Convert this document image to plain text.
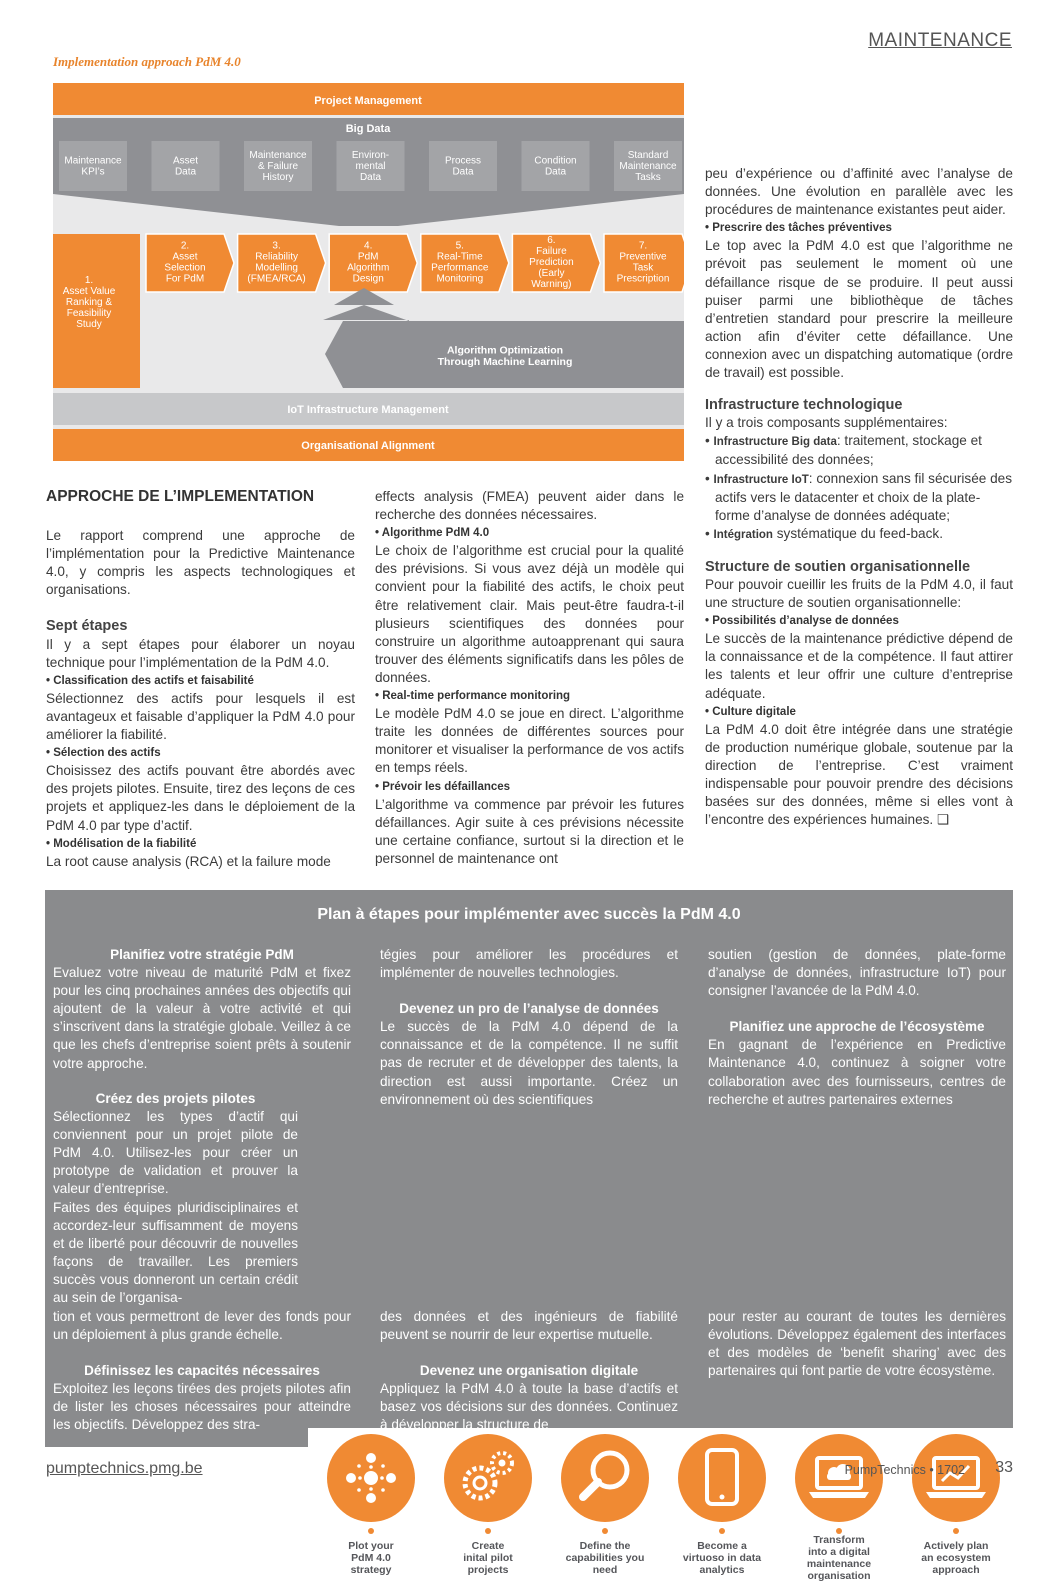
MAINTENANCE
Implementation approach PdM 4.0
Project Management
Big Data
Maintenance KPI’s
Asset Data
Maintenance & Failure History
Environ-mental Data
Process Data
Condition Data
Standard Maintenance Tasks
1. Asset Value Ranking & Feasibility Study
2. Asset Selection For PdM
3. Reliability Modelling (FMEA/RCA)
4. PdM Algorithm Design
5. Real-Time Performance Monitoring
6. Failure Prediction (Early Warning)
7. Preventive Task Prescription
Algorithm Optimization Through Machine Learning
IoT Infrastructure Management
Organisational Alignment

APPROCHE DE L’IMPLEMENTATION

Le rapport comprend une approche de l’implémentation pour la Predictive Maintenance 4.0, y compris les aspects technologiques et organisations.

Sept étapes

Il y a sept étapes pour élaborer un noyau technique pour l’implémentation de la PdM 4.0.

• Classification des actifs et faisabilité

Sélectionnez des actifs pour lesquels il est avantageux et faisable d’appliquer la PdM 4.0 pour améliorer la fiabilité.

• Sélection des actifs

Choisissez des actifs pouvant être abordés avec des projets pilotes. Ensuite, tirez des leçons de ces projets et appliquez-les dans le déploiement de la PdM 4.0 par type d’actif.

• Modélisation de la fiabilité

La root cause analysis (RCA) et la failure mode

effects analysis (FMEA) peuvent aider dans le recherche des données nécessaires.

• Algorithme PdM 4.0

Le choix de l’algorithme est crucial pour la qualité des prévisions. Si vous avez déjà un modèle qui convient pour la fiabilité des actifs, le choix peut être relativement clair. Mais peut-être faudra-t-il plusieurs scientifiques des données pour construire un algorithme autoapprenant qui saura trouver des éléments significatifs dans les pôles de données.

• Real-time performance monitoring

Le modèle PdM 4.0 se joue en direct. L’algorithme traite les données de différentes sources pour monitorer et visualiser la performance de vos actifs en temps réels.

• Prévoir les défaillances

L’algorithme va commence par prévoir les futures défaillances. Agir suite à ces prévisions nécessite une certaine confiance, surtout si la direction et le personnel de maintenance ont

peu d’expérience ou d’affinité avec l’analyse de données. Une évolution en parallèle avec les procédures de maintenance existantes peut aider.

• Prescrire des tâches préventives

Le top avec la PdM 4.0 est que l’algorithme ne prévoit pas seulement le moment où une défaillance risque de se produire. Il peut aussi puiser parmi une bibliothèque de tâches d’entretien standard pour prescrire la meilleure action afin d’éviter cette défaillance. Une connexion avec un dispatching automatique (ordre de travail) est possible.

Infrastructure technologique

Il y a trois composants supplémentaires:

• Infrastructure Big data: traitement, stockage et accessibilité des données;
• Infrastructure IoT: connexion sans fil sécurisée des actifs vers le datacenter et choix de la plate-forme d’analyse de données adéquate;
• Intégration systématique du feed-back.

Structure de soutien organisationnelle

Pour pouvoir cueillir les fruits de la PdM 4.0, il faut une structure de soutien organisationnelle:

• Possibilités d’analyse de données

Le succès de la maintenance prédictive dépend de la connaissance et de la compétence. Il faut attirer les talents et leur offrir une culture d’entreprise adéquate.

• Culture digitale

La PdM 4.0 doit être intégrée dans une stratégie de production numérique globale, soutenue par la direction de l’entreprise. C’est vraiment indispensable pour pouvoir prendre des décisions basées sur des données, même si elles vont à l’encontre des expériences humaines. ❑

Plan à étapes pour implémenter avec succès la PdM 4.0

Planifiez votre stratégie PdM

Evaluez votre niveau de maturité PdM et fixez pour les cinq prochaines années des objectifs qui ajoutent de la valeur à votre activité et qui s’inscrivent dans la stratégie globale. Veillez à ce que les chefs d’entreprise soient prêts à soutenir votre approche.

Créez des projets pilotes

Sélectionnez les types d’actif qui conviennent pour un projet pilote de PdM 4.0. Utilisez-les pour créer un prototype de validation et prouver la valeur d’entreprise.

Faites des équipes pluridisciplinaires et accordez-leur suffisamment de moyens et de liberté pour découvrir de nouvelles façons de travailler. Les premiers succès vous donneront un certain crédit au sein de l’organisa-

tion et vous permettront de lever des fonds pour un déploiement à plus grande échelle.

Définissez les capacités nécessaires

Exploitez les leçons tirées des projets pilotes afin de lister les choses nécessaires pour atteindre les objectifs. Développez des stra-

tégies pour améliorer les procédures et implémenter de nouvelles technologies.

Devenez un pro de l’analyse de données

Le succès de la PdM 4.0 dépend de la connaissance et de la compétence. Il ne suffit pas de recruter et de développer des talents, la direction est aussi importante. Créez un environnement où des scientifiques

des données et des ingénieurs de fiabilité peuvent se nourrir de leur expertise mutuelle.

Devenez une organisation digitale

Appliquez la PdM 4.0 à toute la base d’actifs et basez vos décisions sur des données. Continuez à développer la structure de

soutien (gestion de données, plate-forme d’analyse de données, infrastructure IoT) pour consigner l’avancée de la PdM 4.0.

Planifiez une approche de l’écosystème

En gagnant de l’expérience en Predictive Maintenance 4.0, continuez à soigner votre collaboration avec des fournisseurs, centres de recherche et autres partenaires externes

pour rester au courant de toutes les dernières évolutions. Développez également des interfaces et des modèles de ‘benefit sharing’ avec des partenaires qui font partie de votre écosystème.

Plot your PdM 4.0 strategy
Create inital pilot projects
Define the capabilities you need
Become a virtuoso in data analytics
Transform into a digital maintenance organisation
Actively plan an ecosystem approach
pumptechnics.pmg.be	PumpTechnics • 1702 33
